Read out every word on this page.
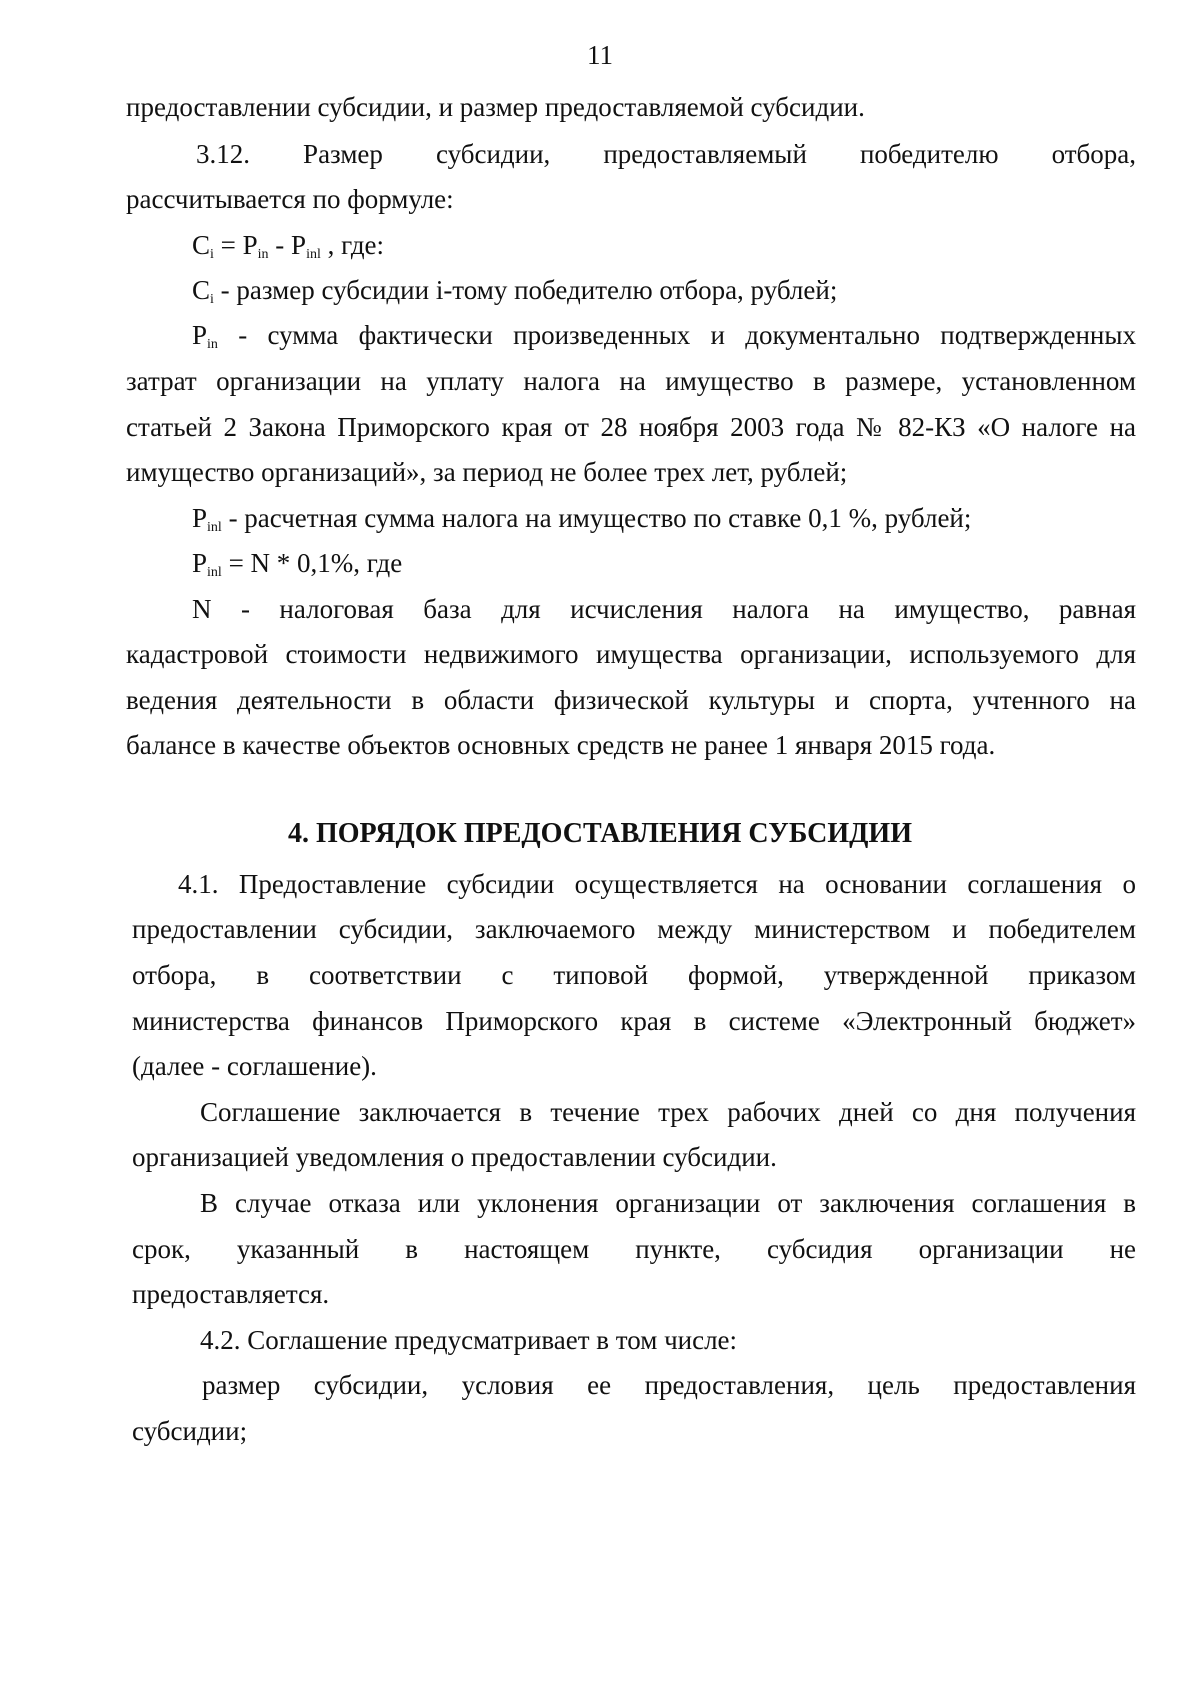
11
предоставлении субсидии, и размер предоставляемой субсидии.
3.12. Размер субсидии, предоставляемый победителю отбора,
рассчитывается по формуле:
$C_i = P_{in} - P_{inl}$ , где:
$C_i$ - размер субсидии i-тому победителю отбора, рублей;
$P_{in}$ - сумма фактически произведенных и документально подтвержденных
затрат организации на уплату налога на имущество в размере, установленном
статьей 2 Закона Приморского края от 28 ноября 2003 года № 82-КЗ «О налоге на
имущество организаций», за период не более трех лет, рублей;
$P_{inl}$ - расчетная сумма налога на имущество по ставке 0,1 %, рублей;
$P_{inl} = N * 0,1\%$, где
N - налоговая база для исчисления налога на имущество, равная
кадастровой стоимости недвижимого имущества организации, используемого для
ведения деятельности в области физической культуры и спорта, учтенного на
балансе в качестве объектов основных средств не ранее 1 января 2015 года.
4. ПОРЯДОК ПРЕДОСТАВЛЕНИЯ СУБСИДИИ
4.1. Предоставление субсидии осуществляется на основании соглашения о
предоставлении субсидии, заключаемого между министерством и победителем
отбора, в соответствии с типовой формой, утвержденной приказом
министерства финансов Приморского края в системе «Электронный бюджет»
(далее - соглашение).
Соглашение заключается в течение трех рабочих дней со дня получения
организацией уведомления о предоставлении субсидии.
В случае отказа или уклонения организации от заключения соглашения в
срок, указанный в настоящем пункте, субсидия организации не
предоставляется.
4.2. Соглашение предусматривает в том числе:
размер субсидии, условия ее предоставления, цель предоставления
субсидии;
